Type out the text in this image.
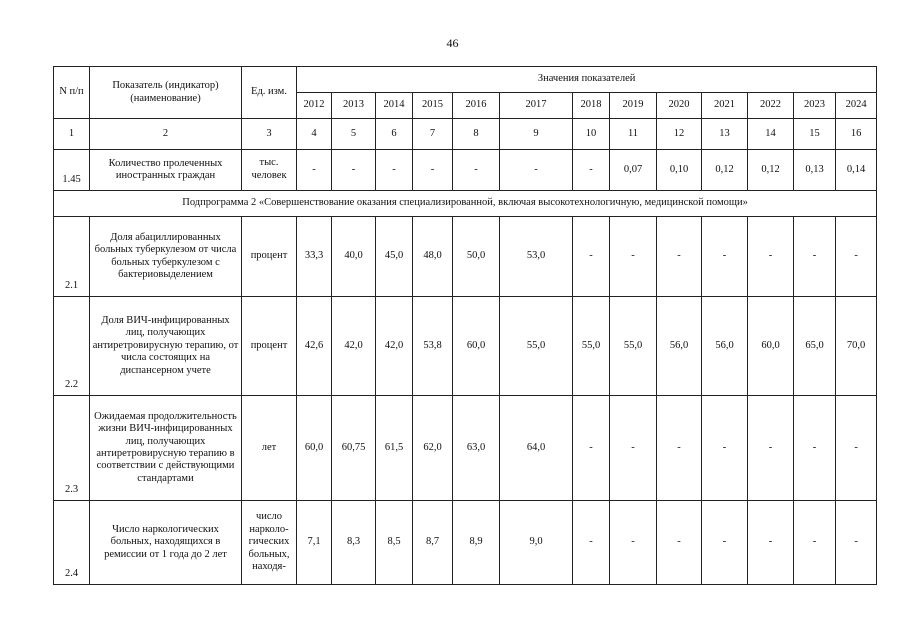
46
N п/п	Показатель (индикатор) (наименование)	Ед. изм.	Значения показателей												
			2012	2013	2014	2015	2016	2017	2018	2019	2020	2021	2022	2023	2024
1	2	3	4	5	6	7	8	9	10	11	12	13	14	15	16
1.45	Количество пролеченных иностранных граждан	тыс. человек	-	-	-	-	-	-	-	0,07	0,10	0,12	0,12	0,13	0,14
Подпрограмма 2 «Совершенствование оказания специализированной, включая высокотехнологичную, медицинской помощи»															
2.1	Доля абациллированных больных туберкулезом от числа больных туберкулезом с бактериовыделением	процент	33,3	40,0	45,0	48,0	50,0	53,0	-	-	-	-	-	-	-
2.2	Доля ВИЧ-инфицированных лиц, получающих антиретровирусную терапию, от числа состоящих на диспансерном учете	процент	42,6	42,0	42,0	53,8	60,0	55,0	55,0	55,0	56,0	56,0	60,0	65,0	70,0
2.3	Ожидаемая продолжительность жизни ВИЧ-инфицированных лиц, получающих антиретровирусную терапию в соответствии с действующими стандартами	лет	60,0	60,75	61,5	62,0	63,0	64,0	-	-	-	-	-	-	-
2.4	Число наркологических больных, находящихся в ремиссии от 1 года до 2 лет	число нарколо-гических больных, находя-	7,1	8,3	8,5	8,7	8,9	9,0	-	-	-	-	-	-	-
